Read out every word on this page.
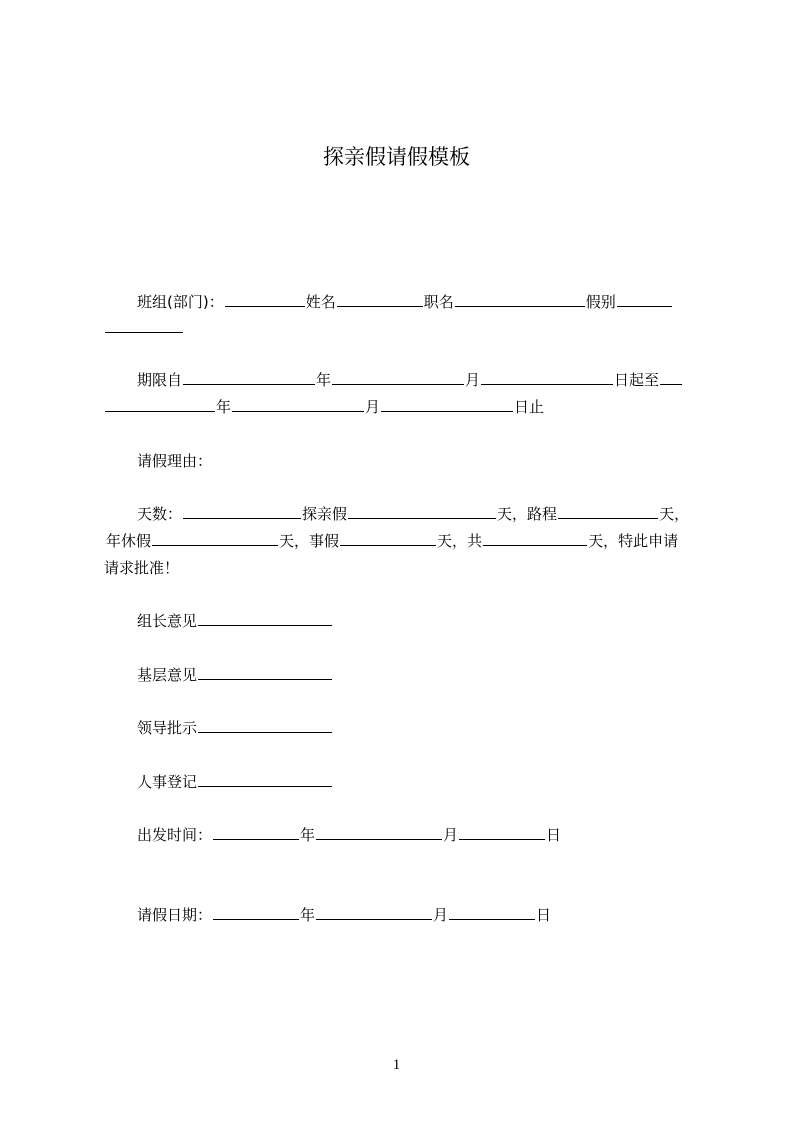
探亲假请假模板
班组(部门)：	姓名	职名	假别
期限自	年	月	日起至
年	月	日止
请假理由：
天数：	探亲假	天，路程	天，
年休假	天，事假	天，共	天，特此申请
请求批准！
组长意见
基层意见
领导批示
人事登记
出发时间：	年	月	日
请假日期：	年	月	日
1
